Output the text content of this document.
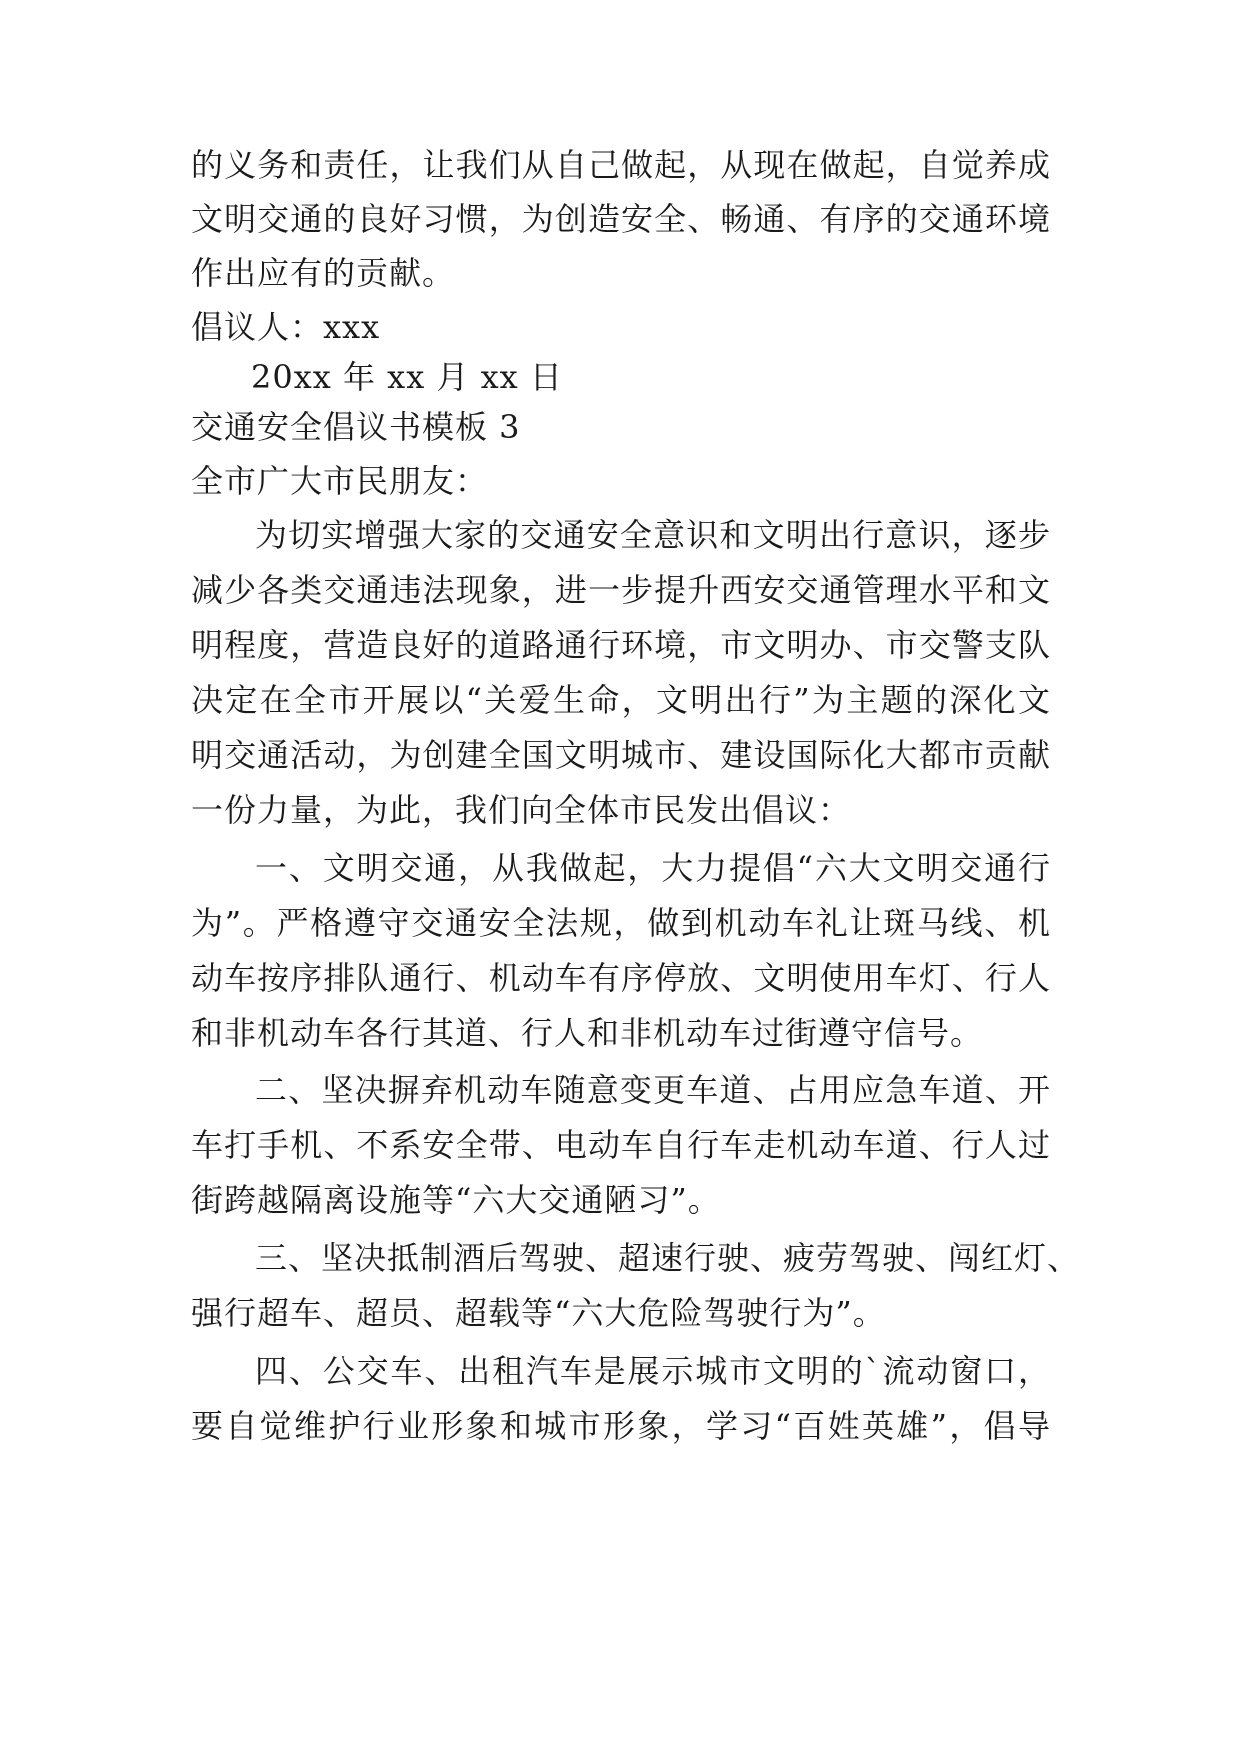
的义务和责任，让我们从自己做起，从现在做起，自觉养成
文明交通的良好习惯，为创造安全、畅通、有序的交通环境
作出应有的贡献。
倡议人：xxx
20xx 年 xx 月 xx 日
交通安全倡议书模板 3
全市广大市民朋友：
为切实增强大家的交通安全意识和文明出行意识，逐步
减少各类交通违法现象，进一步提升西安交通管理水平和文
明程度，营造良好的道路通行环境，市文明办、市交警支队
决定在全市开展以“关爱生命，文明出行”为主题的深化文
明交通活动，为创建全国文明城市、建设国际化大都市贡献
一份力量，为此，我们向全体市民发出倡议：
一、文明交通，从我做起，大力提倡“六大文明交通行
为”。严格遵守交通安全法规，做到机动车礼让斑马线、机
动车按序排队通行、机动车有序停放、文明使用车灯、行人
和非机动车各行其道、行人和非机动车过街遵守信号。
二、坚决摒弃机动车随意变更车道、占用应急车道、开
车打手机、不系安全带、电动车自行车走机动车道、行人过
街跨越隔离设施等“六大交通陋习”。
三、坚决抵制酒后驾驶、超速行驶、疲劳驾驶、闯红灯、
强行超车、超员、超载等“六大危险驾驶行为”。
四、公交车、出租汽车是展示城市文明的`流动窗口，
要自觉维护行业形象和城市形象，学习“百姓英雄”，倡导
